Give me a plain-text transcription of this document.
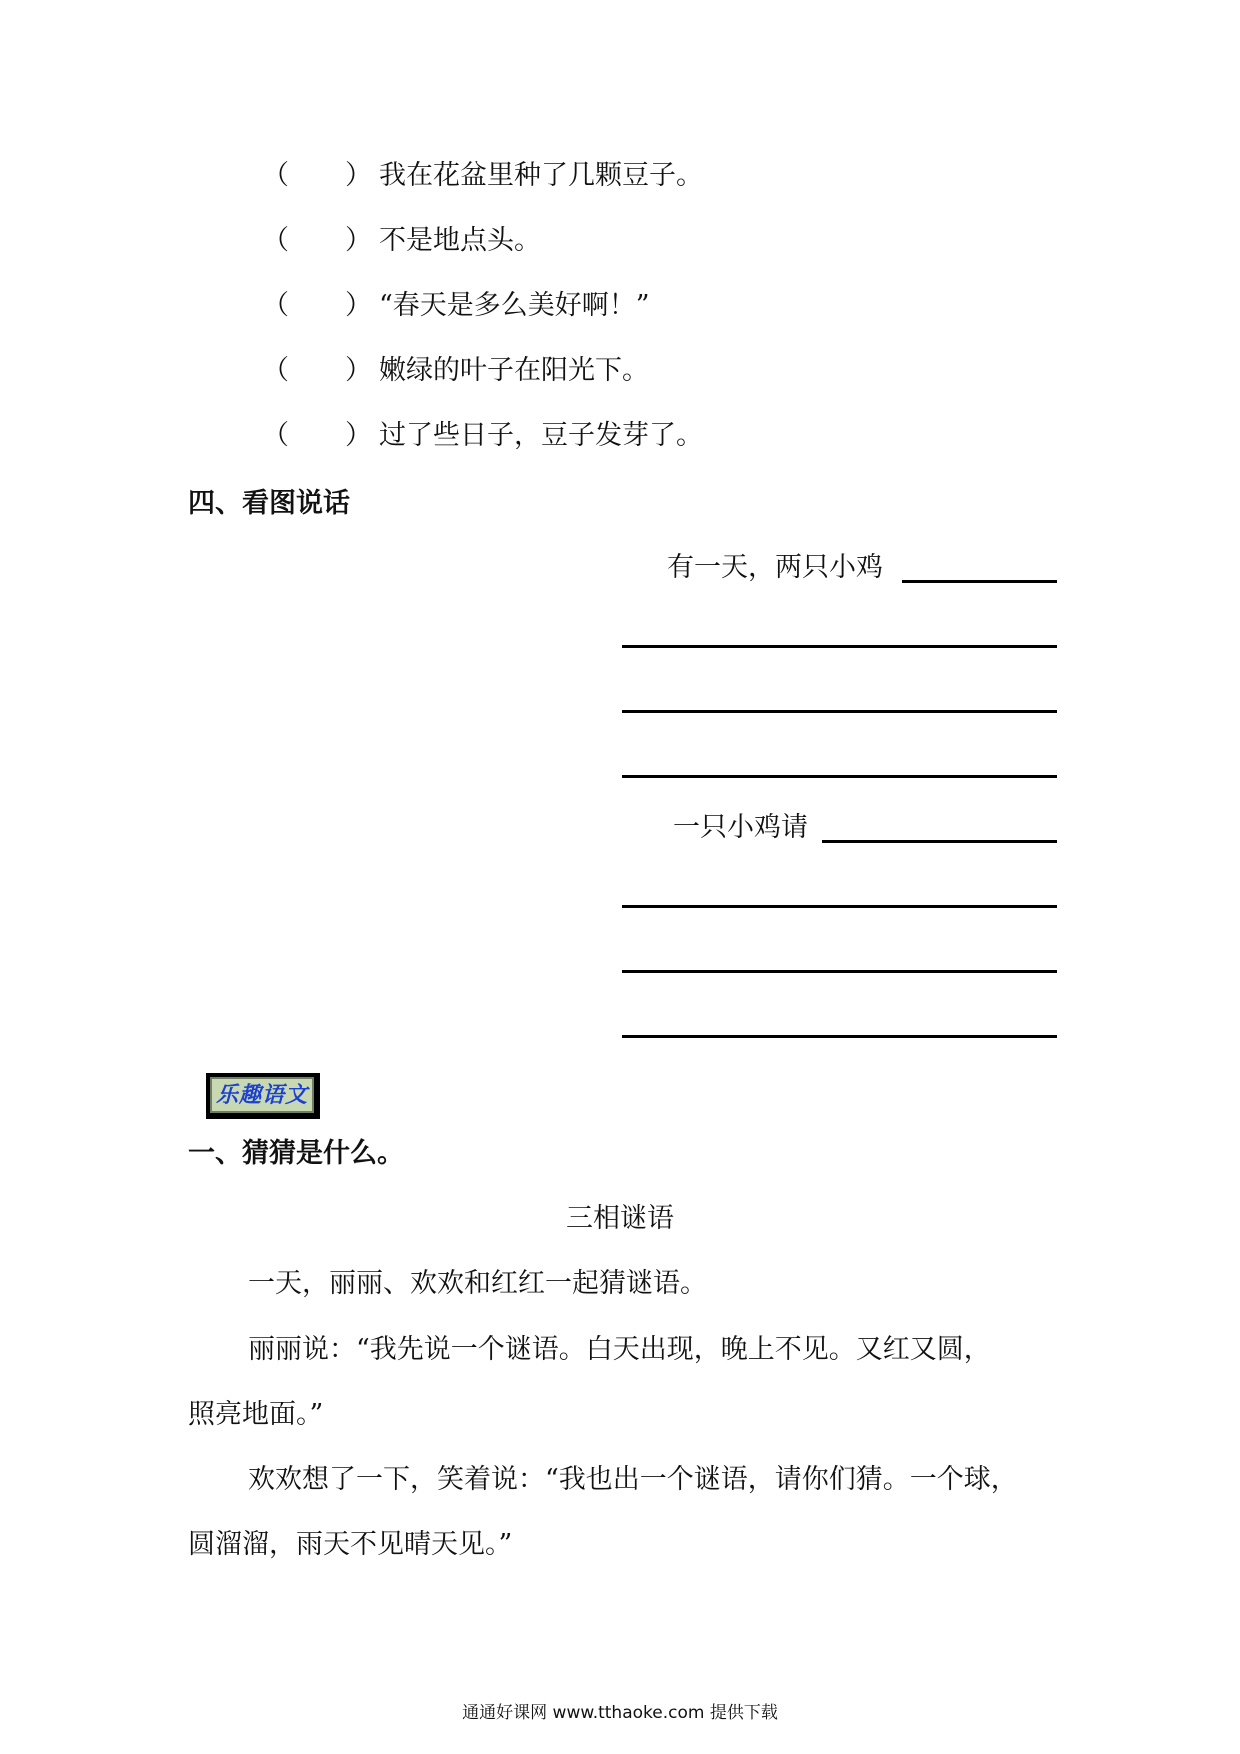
（ ） 我在花盆里种了几颗豆子。
（ ） 不是地点头。
（ ） “春天是多么美好啊！”
（ ） 嫩绿的叶子在阳光下。
（ ） 过了些日子，豆子发芽了。
四、看图说话
有一天，两只小鸡
一只小鸡请
乐趣语文
一、猜猜是什么。
三相谜语
一天，丽丽、欢欢和红红一起猜谜语。
丽丽说：“我先说一个谜语。白天出现，晚上不见。又红又圆，
照亮地面。”
欢欢想了一下，笑着说：“我也出一个谜语，请你们猜。一个球，
圆溜溜，雨天不见晴天见。”
通通好课网 www.tthaoke.com 提供下载
